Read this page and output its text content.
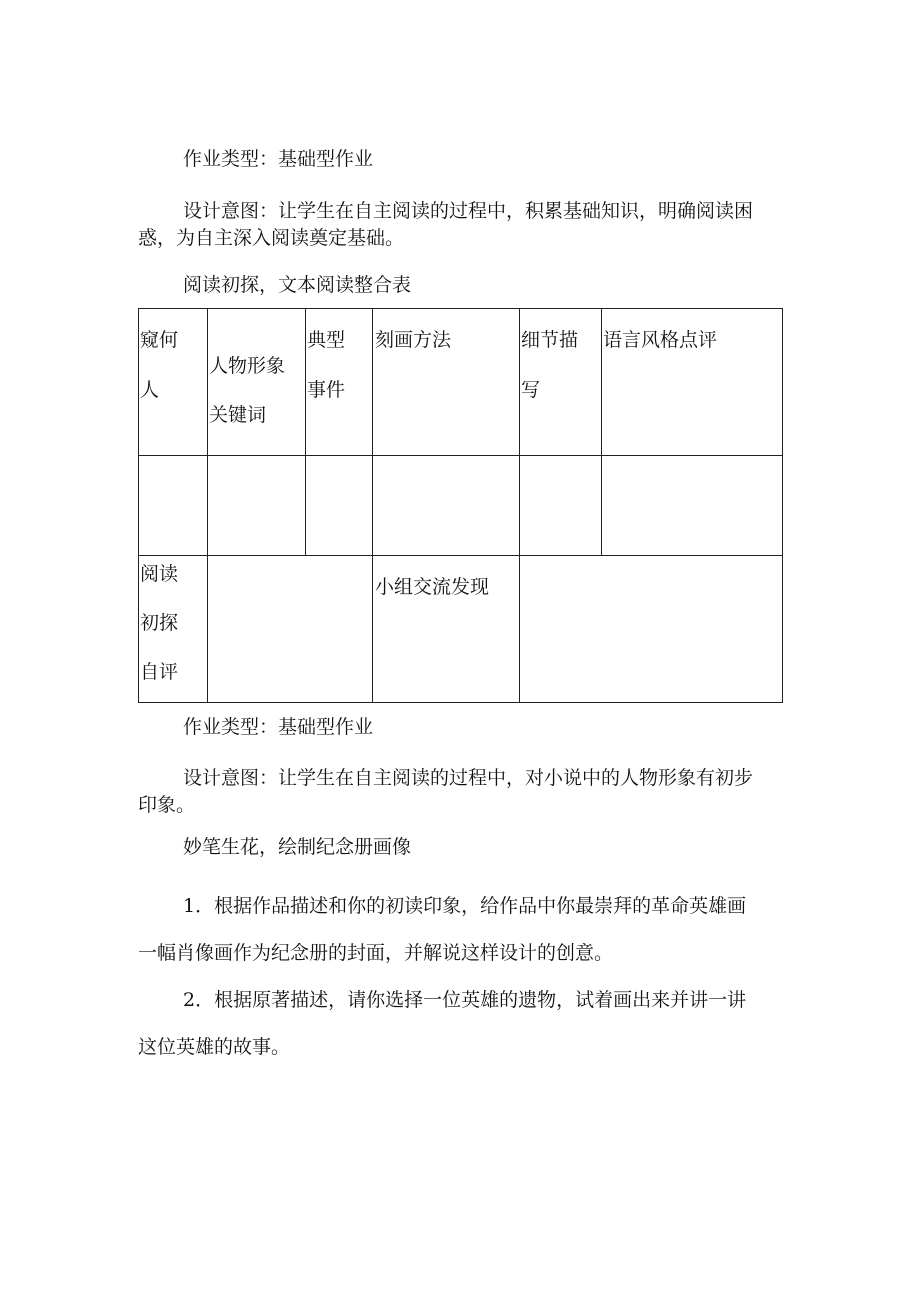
作业类型：基础型作业

设计意图：让学生在自主阅读的过程中，积累基础知识，明确阅读困
惑，为自主深入阅读奠定基础。

阅读初探，文本阅读整合表

窥何
人
人物形象
关键词
典型
事件
刻画方法	细节描
写
语言风格点评
阅读
初探
自评
小组交流发现

作业类型：基础型作业

设计意图：让学生在自主阅读的过程中，对小说中的人物形象有初步
印象。

妙笔生花，绘制纪念册画像

1．根据作品描述和你的初读印象，给作品中你最崇拜的革命英雄画
一幅肖像画作为纪念册的封面，并解说这样设计的创意。
2．根据原著描述，请你选择一位英雄的遗物，试着画出来并讲一讲
这位英雄的故事。
